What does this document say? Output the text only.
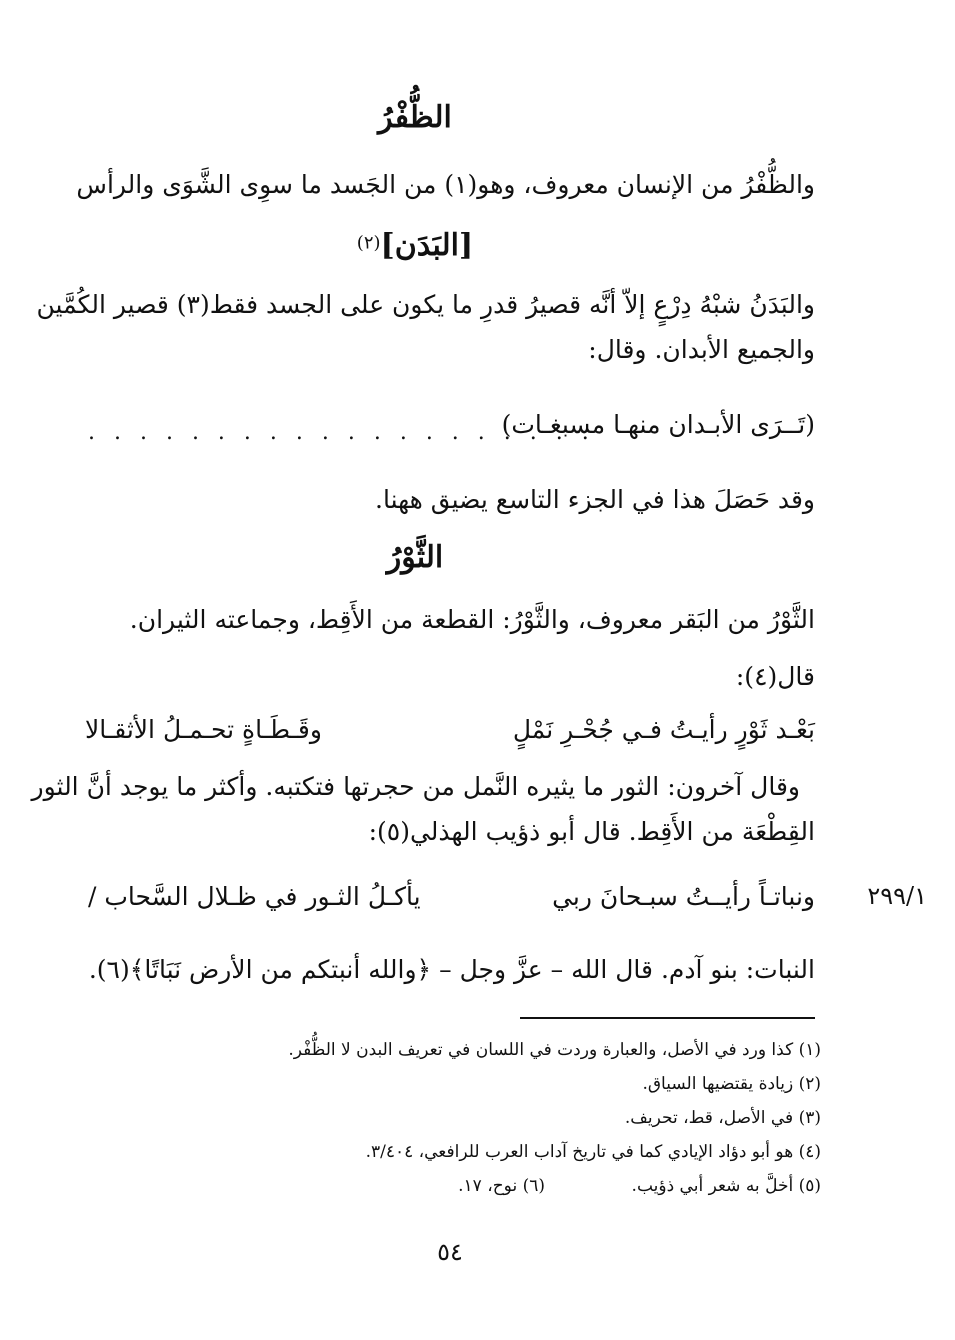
الظُّفْرُ
والظُّفْرُ من الإنسان معروف، وهو(١) من الجَسد ما سوِى الشَّوَى والرأس
[البَدَن](٢)
والبَدَنُ شبْهُ دِرْعٍ إلاّ أنَّه قصيرُ قدرِ ما يكون على الجسد فقط(٣) قصير الكُمَّين
والجميع الأبدان. وقال:
(تَــرَى الأبـدان منهـا مسبغـات)
. . . . . . . . . . . . . . . . . . . .
وقد حَصَلَ هذا في الجزء التاسع يضيق ههنا.
الثَّوْرُ
الثَّوْرُ من البَقر معروف، والثَّوْرُ: القطعة من الأَقِط، وجماعته الثيران.
قال(٤):
بَعْـد ثَوْرٍ رأيـتُ فـي جُحْـرِ نَمْلٍ
وقَـطَـاةٍ تحـمـلُ الأثقـالا
وقال آخرون: الثور ما يثيره النَّمل من حجرتها فتكتبه. وأكثر ما يوجد أنَّ الثور
القِطْعَة من الأَقِط. قال أبو ذؤيب الهذلي(٥):
٢٩٩/١
ونباتـاً رأيــتُ سبـحانَ ربي
يأكـلُ الثـور في ظـلال السَّحاب /
النبات: بنو آدم. قال الله – عزَّ وجل – ﴿والله أنبتكم من الأرض نَبَاتًا﴾(٦).
(١) كذا ورد في الأصل، والعبارة وردت في اللسان في تعريف البدن لا الظُّفْر.
(٢) زيادة يقتضيها السياق.
(٣) في الأصل، قط، تحريف.
(٤) هو أبو دؤاد الإيادي كما في تاريخ آداب العرب للرافعي، ٣/٤٠٤.
(٥) أخلَّ به شعر أبي ذؤيب.
(٦) نوح، ١٧.
٥٤
